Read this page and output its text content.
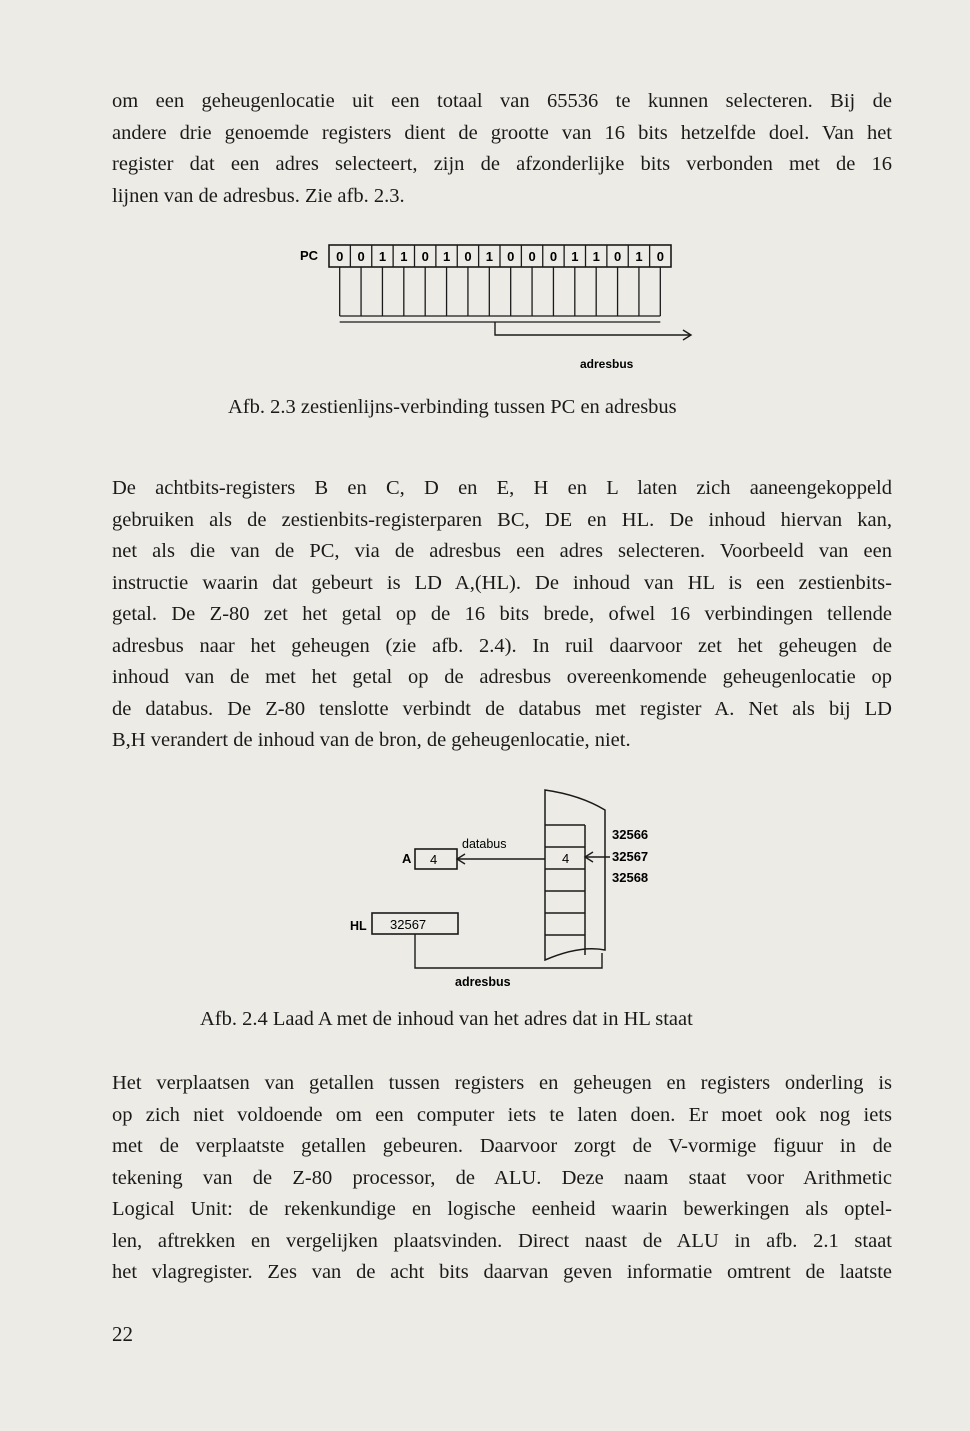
om een geheugenlocatie uit een totaal van 65536 te kunnen selecteren. Bij de
andere drie genoemde registers dient de grootte van 16 bits hetzelfde doel. Van het
register dat een adres selecteert, zijn de afzonderlijke bits verbonden met de 16
lijnen van de adresbus. Zie afb. 2.3.
PC 0 0 1 1 0 1 0 1 0 0 0 1 1 0 1 0
adresbus
Afb. 2.3 zestienlijns-verbinding tussen PC en adresbus
De achtbits-registers B en C, D en E, H en L laten zich aaneengekoppeld
gebruiken als de zestienbits-registerparen BC, DE en HL. De inhoud hiervan kan,
net als die van de PC, via de adresbus een adres selecteren. Voorbeeld van een
instructie waarin dat gebeurt is LD A,(HL). De inhoud van HL is een zestienbits-
getal. De Z-80 zet het getal op de 16 bits brede, ofwel 16 verbindingen tellende
adresbus naar het geheugen (zie afb. 2.4). In ruil daarvoor zet het geheugen de
inhoud van de met het getal op de adresbus overeenkomende geheugenlocatie op
de databus. De Z-80 tenslotte verbindt de databus met register A. Net als bij LD
B,H verandert de inhoud van de bron, de geheugenlocatie, niet.
A 4
databus
4
32566
32567
32568
HL 32567
adresbus
Afb. 2.4 Laad A met de inhoud van het adres dat in HL staat
Het verplaatsen van getallen tussen registers en geheugen en registers onderling is
op zich niet voldoende om een computer iets te laten doen. Er moet ook nog iets
met de verplaatste getallen gebeuren. Daarvoor zorgt de V-vormige figuur in de
tekening van de Z-80 processor, de ALU. Deze naam staat voor Arithmetic
Logical Unit: de rekenkundige en logische eenheid waarin bewerkingen als optel-
len, aftrekken en vergelijken plaatsvinden. Direct naast de ALU in afb. 2.1 staat
het vlagregister. Zes van de acht bits daarvan geven informatie omtrent de laatste
22
